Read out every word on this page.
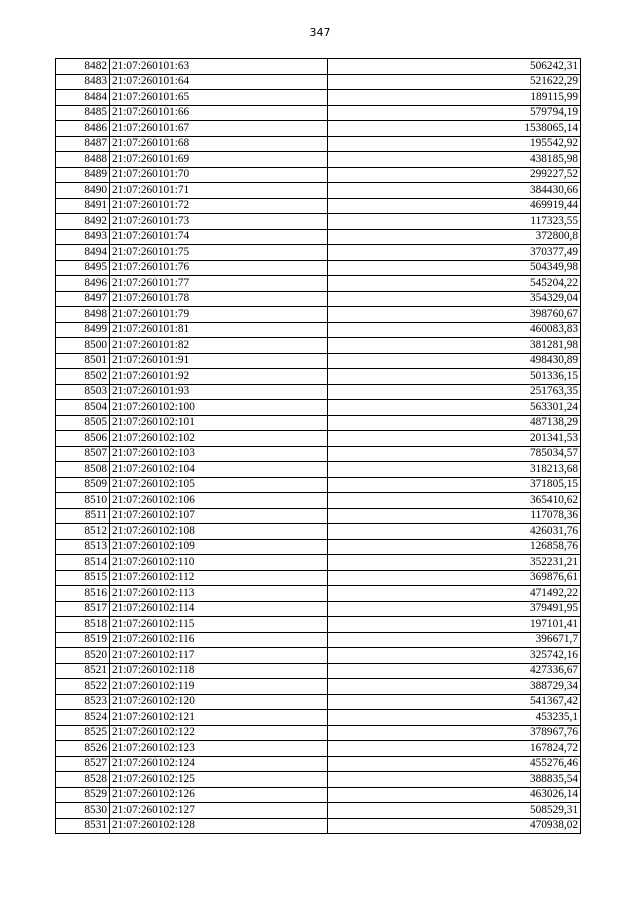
347
8482	21:07:260101:63	506242,31
8483	21:07:260101:64	521622,29
8484	21:07:260101:65	189115,99
8485	21:07:260101:66	579794,19
8486	21:07:260101:67	1538065,14
8487	21:07:260101:68	195542,92
8488	21:07:260101:69	438185,98
8489	21:07:260101:70	299227,52
8490	21:07:260101:71	384430,66
8491	21:07:260101:72	469919,44
8492	21:07:260101:73	117323,55
8493	21:07:260101:74	372800,8
8494	21:07:260101:75	370377,49
8495	21:07:260101:76	504349,98
8496	21:07:260101:77	545204,22
8497	21:07:260101:78	354329,04
8498	21:07:260101:79	398760,67
8499	21:07:260101:81	460083,83
8500	21:07:260101:82	381281,98
8501	21:07:260101:91	498430,89
8502	21:07:260101:92	501336,15
8503	21:07:260101:93	251763,35
8504	21:07:260102:100	563301,24
8505	21:07:260102:101	487138,29
8506	21:07:260102:102	201341,53
8507	21:07:260102:103	785034,57
8508	21:07:260102:104	318213,68
8509	21:07:260102:105	371805,15
8510	21:07:260102:106	365410,62
8511	21:07:260102:107	117078,36
8512	21:07:260102:108	426031,76
8513	21:07:260102:109	126858,76
8514	21:07:260102:110	352231,21
8515	21:07:260102:112	369876,61
8516	21:07:260102:113	471492,22
8517	21:07:260102:114	379491,95
8518	21:07:260102:115	197101,41
8519	21:07:260102:116	396671,7
8520	21:07:260102:117	325742,16
8521	21:07:260102:118	427336,67
8522	21:07:260102:119	388729,34
8523	21:07:260102:120	541367,42
8524	21:07:260102:121	453235,1
8525	21:07:260102:122	378967,76
8526	21:07:260102:123	167824,72
8527	21:07:260102:124	455276,46
8528	21:07:260102:125	388835,54
8529	21:07:260102:126	463026,14
8530	21:07:260102:127	508529,31
8531	21:07:260102:128	470938,02
